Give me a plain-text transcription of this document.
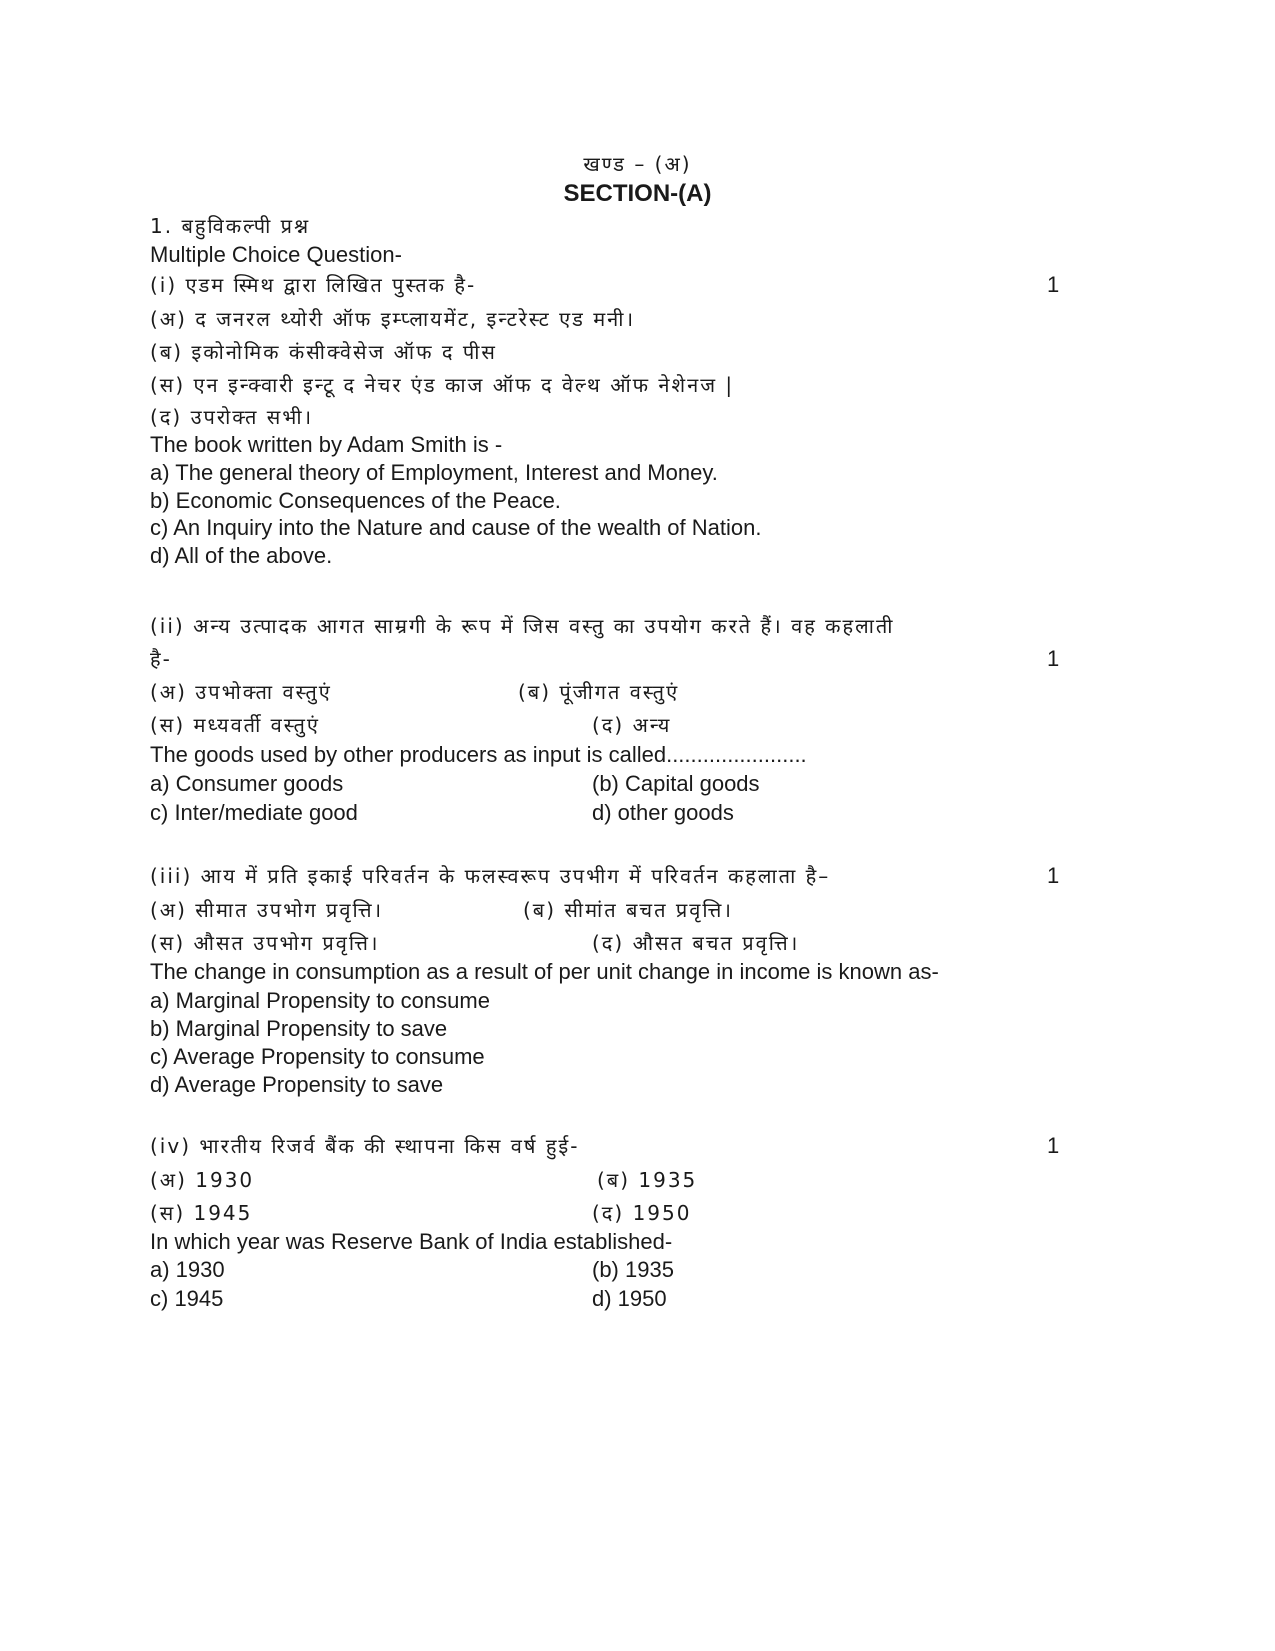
खण्ड – (अ)
SECTION-(A)
1. बहुविकल्पी प्रश्न
Multiple Choice Question-
(i) एडम स्मिथ द्वारा लिखित पुस्तक है-	1
(अ) द जनरल थ्योरी ऑफ इम्प्लायमेंट, इन्टरेस्ट एड मनी।
(ब) इकोनोमिक कंसीक्वेसेज ऑफ द पीस
(स) एन इन्क्वारी इन्टू द नेचर एंड काज ऑफ द वेल्थ ऑफ नेशेनज |
(द) उपरोक्त सभी।
The book written by Adam Smith is -
a) The general theory of Employment, Interest and Money.
b) Economic Consequences of the Peace.
c) An Inquiry into the Nature and cause of the wealth of Nation.
d) All of the above.
(ii) अन्य उत्पादक आगत साम्रगी के रूप में जिस वस्तु का उपयोग करते हैं। वह कहलाती
है-	1
(अ) उपभोक्ता वस्तुएं	(ब) पूंजीगत वस्तुएं
(स) मध्यवर्ती वस्तुएं	(द) अन्य
The goods used by other producers as input is called.......................
a) Consumer goods	(b) Capital goods
c) Inter/mediate good	d) other goods
(iii) आय में प्रति इकाई परिवर्तन के फलस्वरूप उपभीग में परिवर्तन कहलाता है–	1
(अ) सीमात उपभोग प्रवृत्ति।	(ब) सीमांत बचत प्रवृत्ति।
(स) औसत उपभोग प्रवृत्ति।	(द) औसत बचत प्रवृत्ति।
The change in consumption as a result of per unit change in income is known as-
a) Marginal Propensity to consume
b) Marginal Propensity to save
c) Average Propensity to consume
d) Average Propensity to save
(iv) भारतीय रिजर्व बैंक की स्थापना किस वर्ष हुई-	1
(अ) 1930	(ब) 1935
(स) 1945	(द) 1950
In which year was Reserve Bank of India established-
a) 1930	(b) 1935
c) 1945	d) 1950
